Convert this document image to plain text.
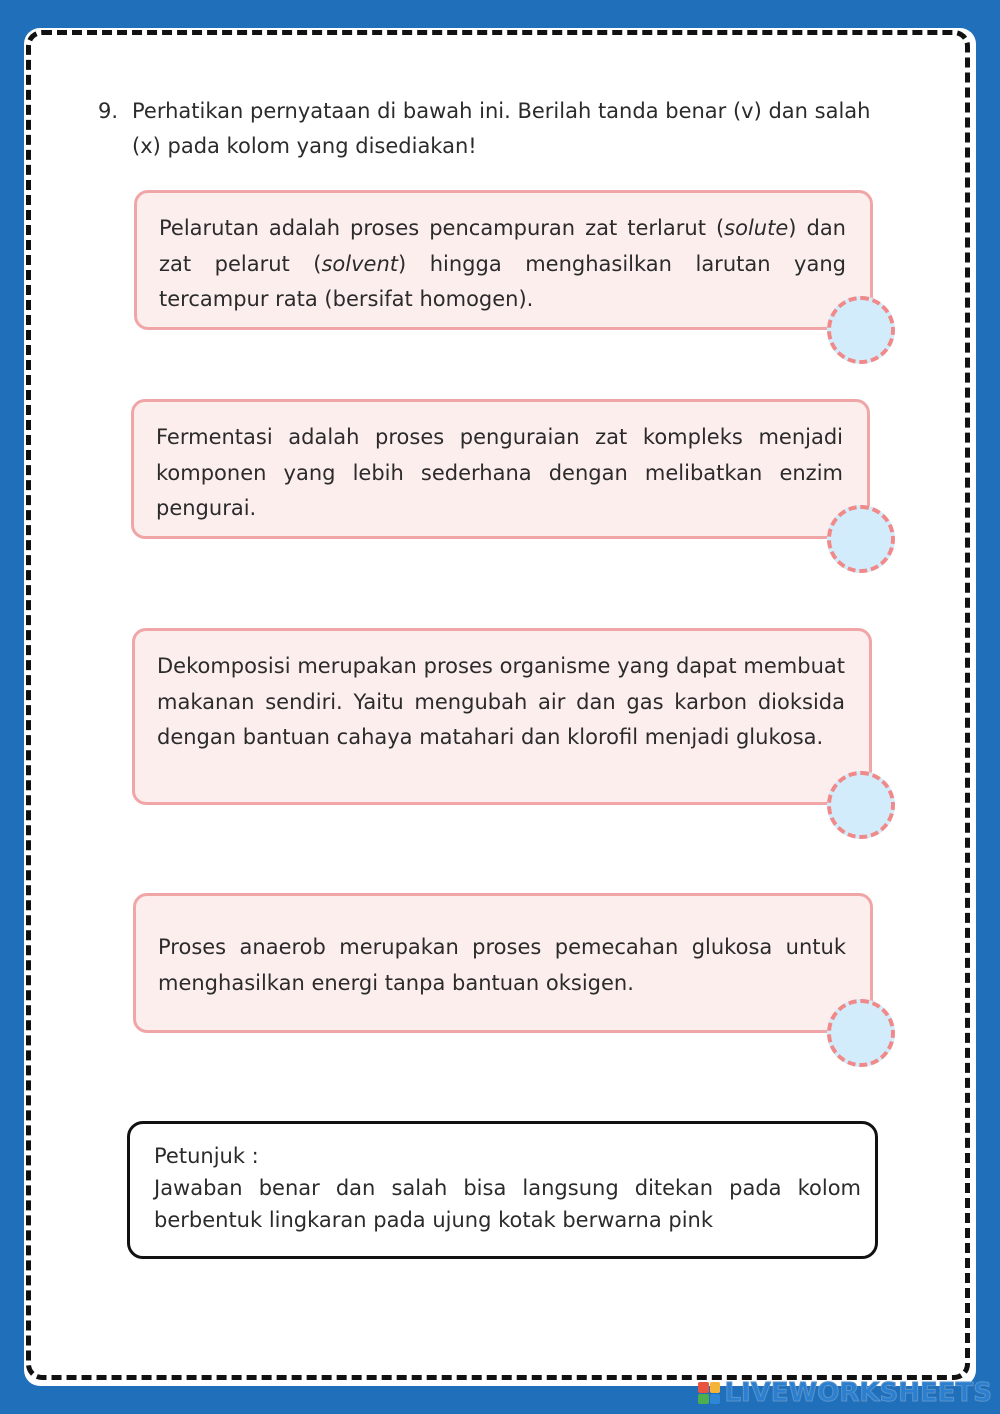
9. Perhatikan pernyataan di bawah ini. Berilah tanda benar (v) dan salah (x) pada kolom yang disediakan!
Pelarutan adalah proses pencampuran zat terlarut (solute) dan zat pelarut (solvent) hingga menghasilkan larutan yang tercampur rata (bersifat homogen).
Fermentasi adalah proses penguraian zat kompleks menjadi komponen yang lebih sederhana dengan melibatkan enzim pengurai.
Dekomposisi merupakan proses organisme yang dapat membuat makanan sendiri. Yaitu mengubah air dan gas karbon dioksida dengan bantuan cahaya matahari dan klorofil menjadi glukosa.
Proses anaerob merupakan proses pemecahan glukosa untuk menghasilkan energi tanpa bantuan oksigen.
Petunjuk :
Jawaban benar dan salah bisa langsung ditekan pada kolom berbentuk lingkaran pada ujung kotak berwarna pink
LIVEWORKSHEETS
